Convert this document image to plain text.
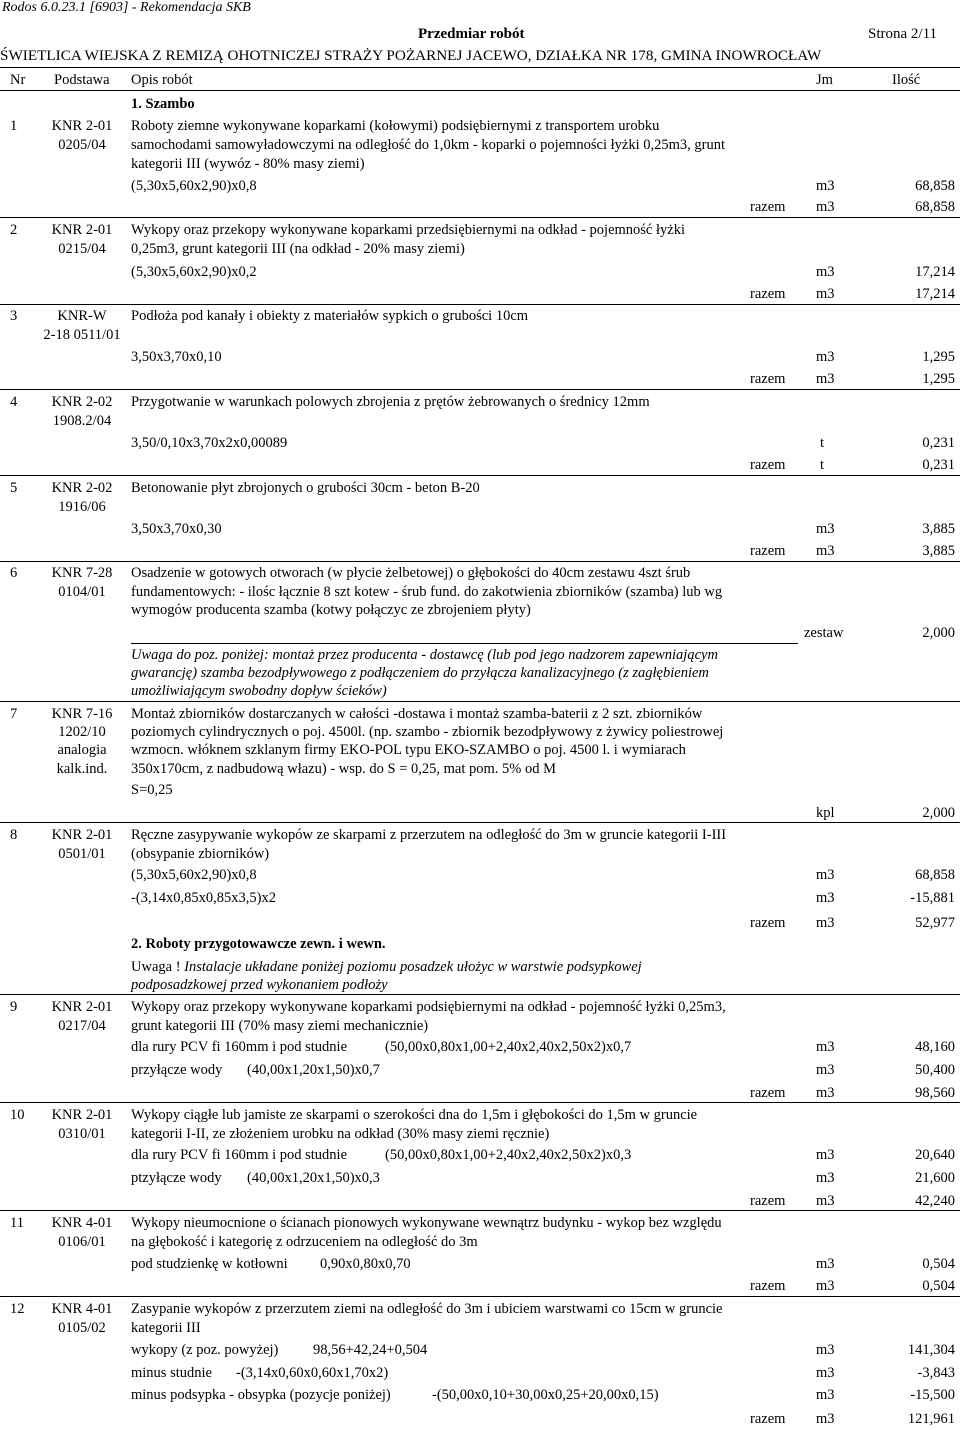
Rodos 6.0.23.1 [6903] - Rekomendacja SKB
Przedmiar robót	Strona 2/11
ŚWIETLICA WIEJSKA Z REMIZĄ OHOTNICZEJ STRAŻY POŻARNEJ JACEWO, DZIAŁKA NR 178, GMINA INOWROCŁAW
Nr Podstawa Opis robót	Jm	Ilość
1. Szambo
1	KNR 2-01
0205/04
Roboty ziemne wykonywane koparkami (kołowymi) podsiębiernymi z transportem urobku
samochodami samowyładowczymi na odległość do 1,0km - koparki o pojemności łyżki 0,25m3, grunt
kategorii III (wywóz - 80% masy ziemi)
(5,30x5,60x2,90)x0,8	m3	68,858
razem m3	68,858
2	KNR 2-01
0215/04
Wykopy oraz przekopy wykonywane koparkami przedsiębiernymi na odkład - pojemność łyżki
0,25m3, grunt kategorii III (na odkład - 20% masy ziemi)
(5,30x5,60x2,90)x0,2	m3	17,214
razem m3	17,214
3	KNR-W
2-18 0511/01
Podłoża pod kanały i obiekty z materiałów sypkich o grubości 10cm
3,50x3,70x0,10	m3	1,295
razem m3	1,295
4	KNR 2-02
1908.2/04
Przygotwanie w warunkach polowych zbrojenia z prętów żebrowanych o średnicy 12mm
3,50/0,10x3,70x2x0,00089	t	0,231
razem t	0,231
5	KNR 2-02
1916/06
Betonowanie płyt zbrojonych o grubości 30cm - beton B-20
3,50x3,70x0,30	m3	3,885
razem m3	3,885
6	KNR 7-28
0104/01
Osadzenie w gotowych otworach (w płycie żelbetowej) o głębokości do 40cm zestawu 4szt śrub
fundamentowych: - ilośc łącznie 8 szt kotew - śrub fund. do zakotwienia zbiorników (szamba) lub wg
wymogów producenta szamba (kotwy połączyc ze zbrojeniem płyty)
zestaw	2,000
Uwaga do poz. poniżej: montaż przez producenta - dostawcę (lub pod jego nadzorem zapewniającym
gwarancję) szamba bezodpływowego z podłączeniem do przyłącza kanalizacyjnego (z zagłębieniem
umożliwiającym swobodny dopływ ścieków)
7	KNR 7-16
1202/10
analogia
kalk.ind.
Montaż zbiorników dostarczanych w całości -dostawa i montaż szamba-baterii z 2 szt. zbiorników
poziomych cylindrycznych o poj. 4500l. (np. szambo - zbiornik bezodpływowy z żywicy poliestrowej
wzmocn. włóknem szklanym firmy EKO-POL typu EKO-SZAMBO o poj. 4500 l. i wymiarach
350x170cm, z nadbudową włazu) - wsp. do S = 0,25, mat pom. 5% od M
S=0,25
kpl	2,000
8	KNR 2-01
0501/01
Ręczne zasypywanie wykopów ze skarpami z przerzutem na odległość do 3m w gruncie kategorii I-III
(obsypanie zbiorników)
(5,30x5,60x2,90)x0,8	m3	68,858
-(3,14x0,85x0,85x3,5)x2	m3	-15,881
razem m3	52,977
2. Roboty przygotowawcze zewn. i wewn.
Uwaga ! Instalacje układane poniżej poziomu posadzek ułożyc w warstwie podsypkowej
podposadzkowej przed wykonaniem podłoży
9	KNR 2-01
0217/04
Wykopy oraz przekopy wykonywane koparkami podsiębiernymi na odkład - pojemność łyżki 0,25m3,
grunt kategorii III (70% masy ziemi mechanicznie)
dla rury PCV fi 160mm i pod studnie	(50,00x0,80x1,00+2,40x2,40x2,50x2)x0,7	m3	48,160
przyłącze wody (40,00x1,20x1,50)x0,7	m3	50,400
razem m3	98,560
10	KNR 2-01
0310/01
Wykopy ciągłe lub jamiste ze skarpami o szerokości dna do 1,5m i głębokości do 1,5m w gruncie
kategorii I-II, ze złożeniem urobku na odkład (30% masy ziemi ręcznie)
dla rury PCV fi 160mm i pod studnie	(50,00x0,80x1,00+2,40x2,40x2,50x2)x0,3	m3	20,640
ptzyłącze wody (40,00x1,20x1,50)x0,3	m3	21,600
razem m3	42,240
11	KNR 4-01
0106/01
Wykopy nieumocnione o ścianach pionowych wykonywane wewnątrz budynku - wykop bez względu
na głębokość i kategorię z odrzuceniem na odległość do 3m
pod studzienkę w kotłowni 0,90x0,80x0,70	m3	0,504
razem m3	0,504
12	KNR 4-01
0105/02
Zasypanie wykopów z przerzutem ziemi na odległość do 3m i ubiciem warstwami co 15cm w gruncie
kategorii III
wykopy (z poz. powyżej) 98,56+42,24+0,504	m3	141,304
minus studnie -(3,14x0,60x0,60x1,70x2)	m3	-3,843
minus podsypka - obsypka (pozycje poniżej)	-(50,00x0,10+30,00x0,25+20,00x0,15)	m3	-15,500
razem m3	121,961
